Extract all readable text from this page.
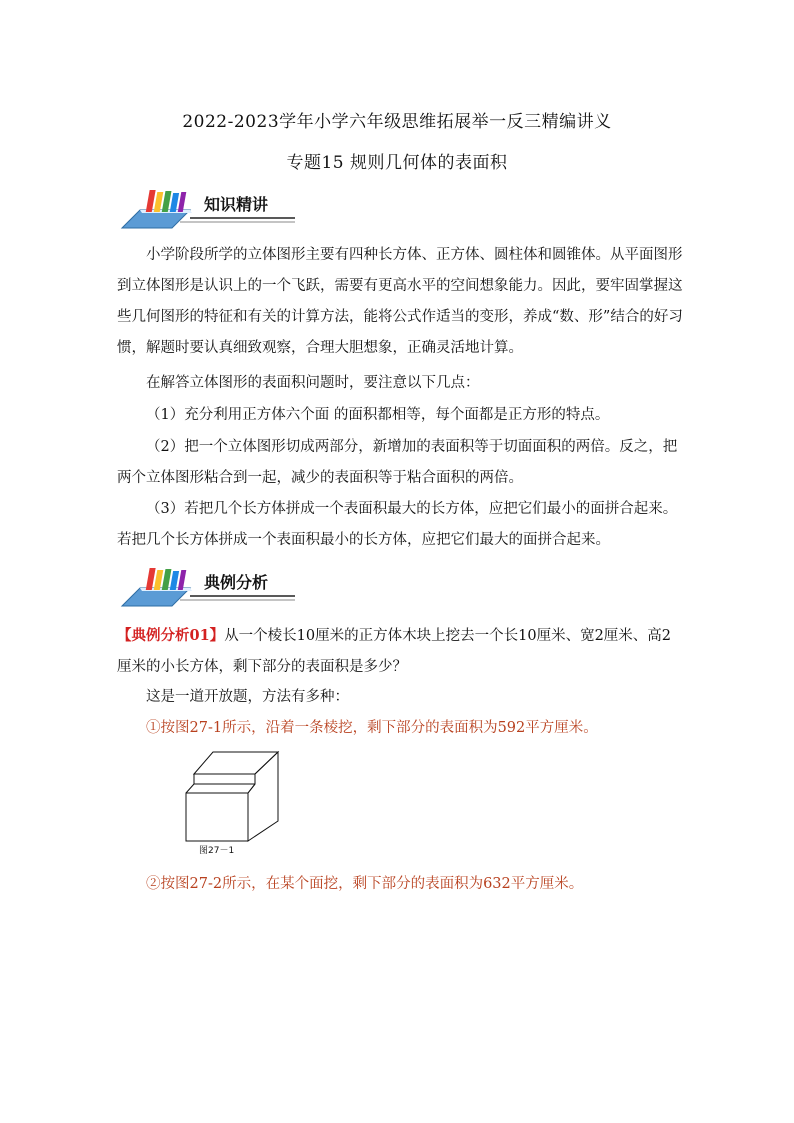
2022-2023学年小学六年级思维拓展举一反三精编讲义
专题15 规则几何体的表面积
知识精讲

小学阶段所学的立体图形主要有四种长方体、正方体、圆柱体和圆锥体。从平面图形到立体图形是认识上的一个飞跃，需要有更高水平的空间想象能力。因此，要牢固掌握这些几何图形的特征和有关的计算方法，能将公式作适当的变形，养成“数、形”结合的好习惯，解题时要认真细致观察，合理大胆想象，正确灵活地计算。

在解答立体图形的表面积问题时，要注意以下几点：

（1）充分利用正方体六个面 的面积都相等，每个面都是正方形的特点。

（2）把一个立体图形切成两部分，新增加的表面积等于切面面积的两倍。反之，把两个立体图形粘合到一起，减少的表面积等于粘合面积的两倍。

（3）若把几个长方体拼成一个表面积最大的长方体，应把它们最小的面拼合起来。若把几个长方体拼成一个表面积最小的长方体，应把它们最大的面拼合起来。

典例分析

【典例分析01】从一个棱长10厘米的正方体木块上挖去一个长10厘米、宽2厘米、高2厘米的小长方体，剩下部分的表面积是多少？

这是一道开放题，方法有多种：
①按图27-1所示，沿着一条棱挖，剩下部分的表面积为592平方厘米。
图27－1
②按图27-2所示，在某个面挖，剩下部分的表面积为632平方厘米。
